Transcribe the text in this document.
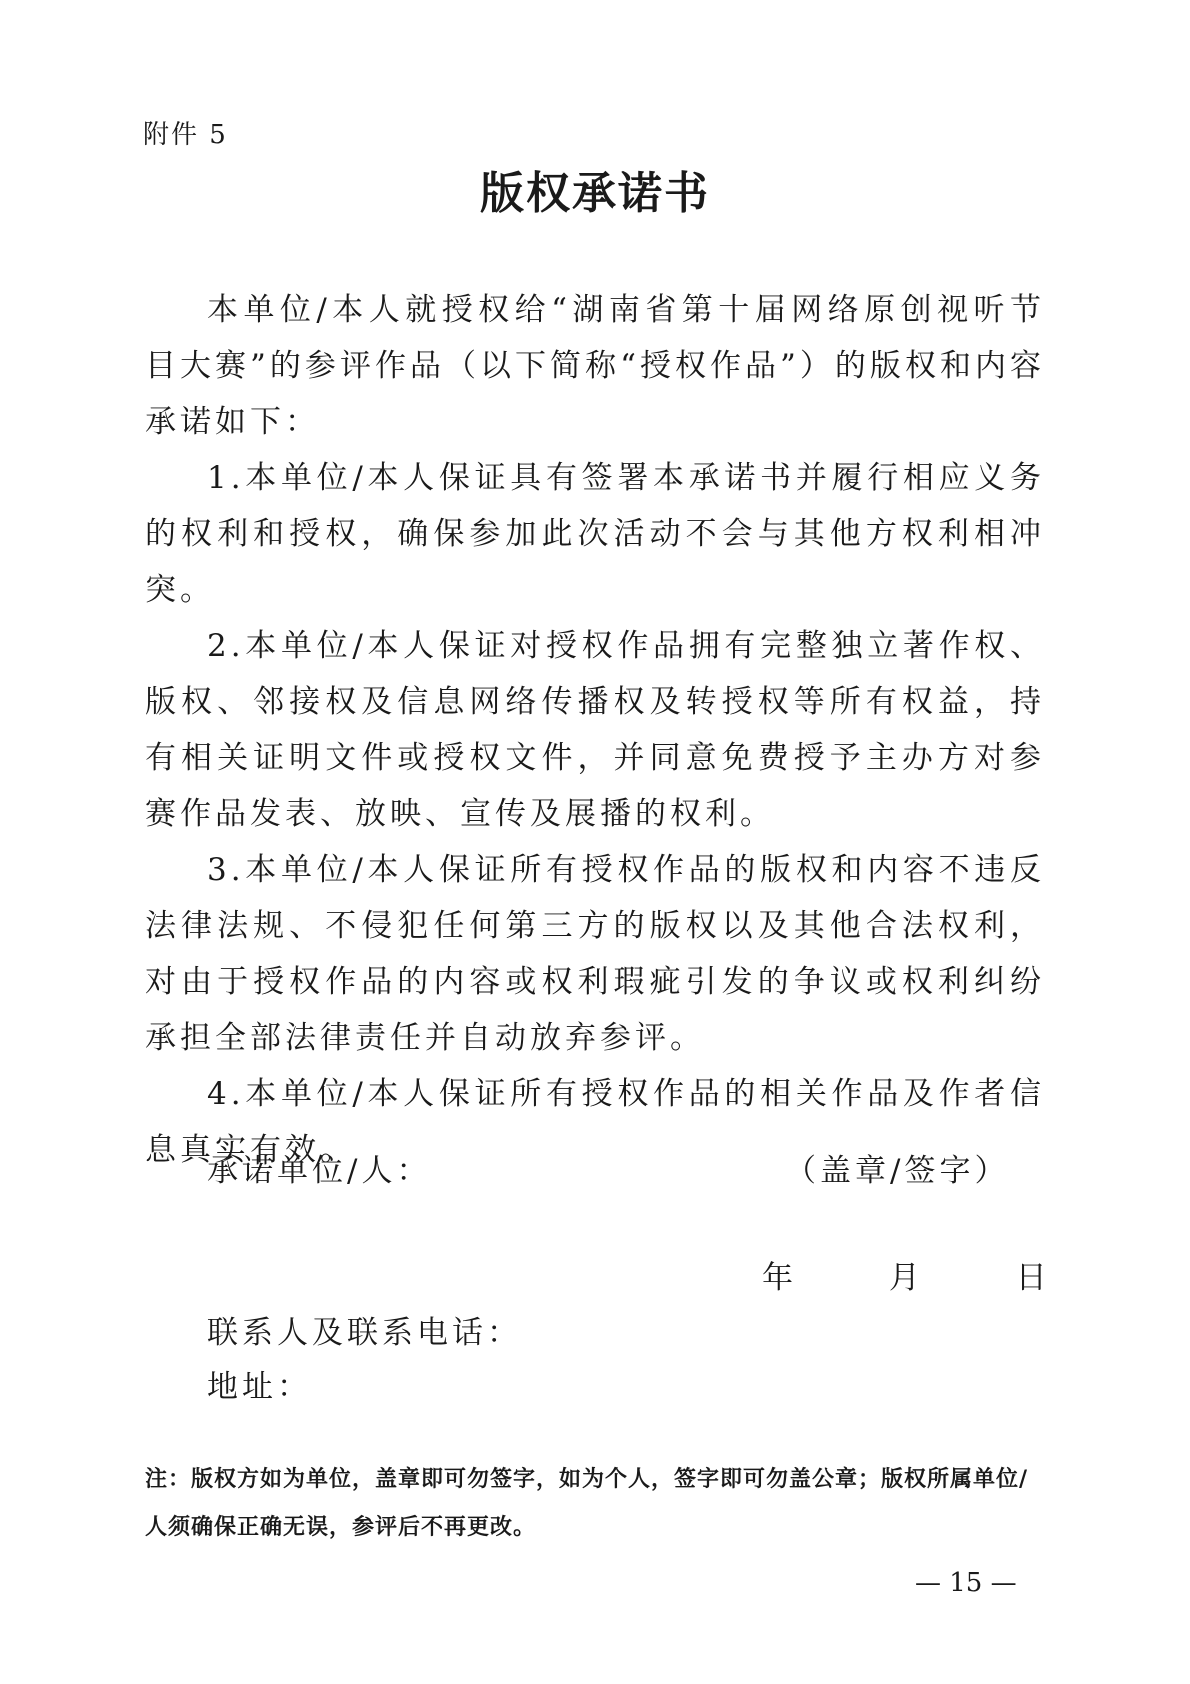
附件 5
版权承诺书

本单位/本人就授权给“湖南省第十届网络原创视听节目大赛”的参评作品（以下简称“授权作品”）的版权和内容承诺如下：

1.本单位/本人保证具有签署本承诺书并履行相应义务的权利和授权，确保参加此次活动不会与其他方权利相冲突。

2.本单位/本人保证对授权作品拥有完整独立著作权、版权、邻接权及信息网络传播权及转授权等所有权益，持有相关证明文件或授权文件，并同意免费授予主办方对参赛作品发表、放映、宣传及展播的权利。

3.本单位/本人保证所有授权作品的版权和内容不违反法律法规、不侵犯任何第三方的版权以及其他合法权利，对由于授权作品的内容或权利瑕疵引发的争议或权利纠纷承担全部法律责任并自动放弃参评。

4.本单位/本人保证所有授权作品的相关作品及作者信息真实有效。

承诺单位/人：	（盖章/签字）
年	月	日
联系人及联系电话：
地址：
注：版权方如为单位，盖章即可勿签字，如为个人，签字即可勿盖公章；版权所属单位/人须确保正确无误，参评后不再更改。
— 15 —
